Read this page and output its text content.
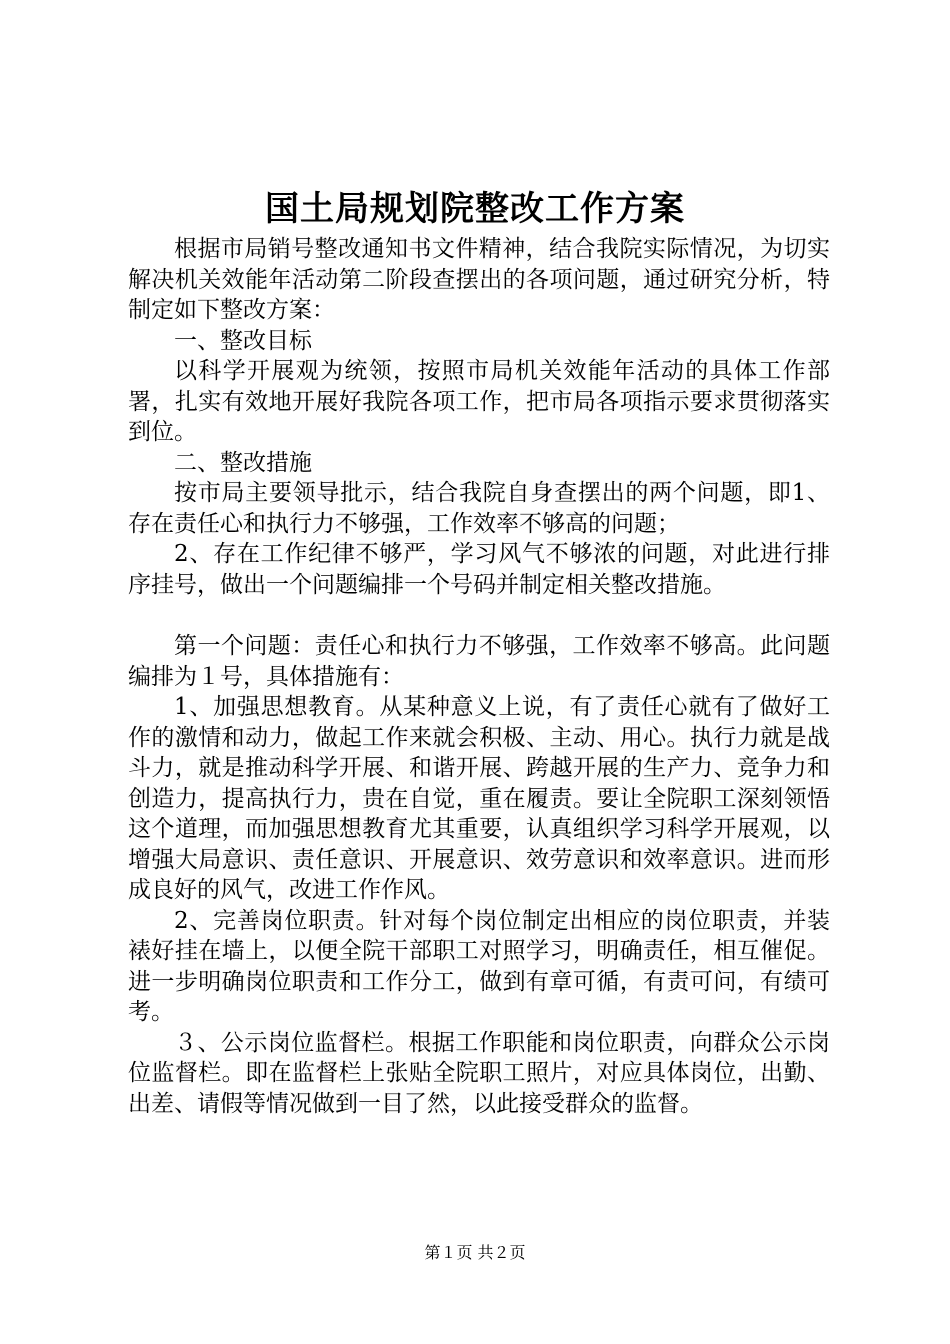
国土局规划院整改工作方案

根据市局销号整改通知书文件精神，结合我院实际情况，为切实解决机关效能年活动第二阶段查摆出的各项问题，通过研究分析，特制定如下整改方案：

一、整改目标

以科学开展观为统领，按照市局机关效能年活动的具体工作部署，扎实有效地开展好我院各项工作，把市局各项指示要求贯彻落实到位。

二、整改措施

按市局主要领导批示，结合我院自身查摆出的两个问题，即1、存在责任心和执行力不够强，工作效率不够高的问题；

2、存在工作纪律不够严，学习风气不够浓的问题，对此进行排序挂号，做出一个问题编排一个号码并制定相关整改措施。

第一个问题：责任心和执行力不够强，工作效率不够高。此问题编排为１号，具体措施有：

1、加强思想教育。从某种意义上说，有了责任心就有了做好工作的激情和动力，做起工作来就会积极、主动、用心。执行力就是战斗力，就是推动科学开展、和谐开展、跨越开展的生产力、竞争力和创造力，提高执行力，贵在自觉，重在履责。要让全院职工深刻领悟这个道理，而加强思想教育尤其重要，认真组织学习科学开展观，以增强大局意识、责任意识、开展意识、效劳意识和效率意识。进而形成良好的风气，改进工作作风。

2、完善岗位职责。针对每个岗位制定出相应的岗位职责，并装裱好挂在墙上，以便全院干部职工对照学习，明确责任，相互催促。进一步明确岗位职责和工作分工，做到有章可循，有责可问，有绩可考。

３、公示岗位监督栏。根据工作职能和岗位职责，向群众公示岗位监督栏。即在监督栏上张贴全院职工照片，对应具体岗位，出勤、出差、请假等情况做到一目了然，以此接受群众的监督。

第１页 共２页
